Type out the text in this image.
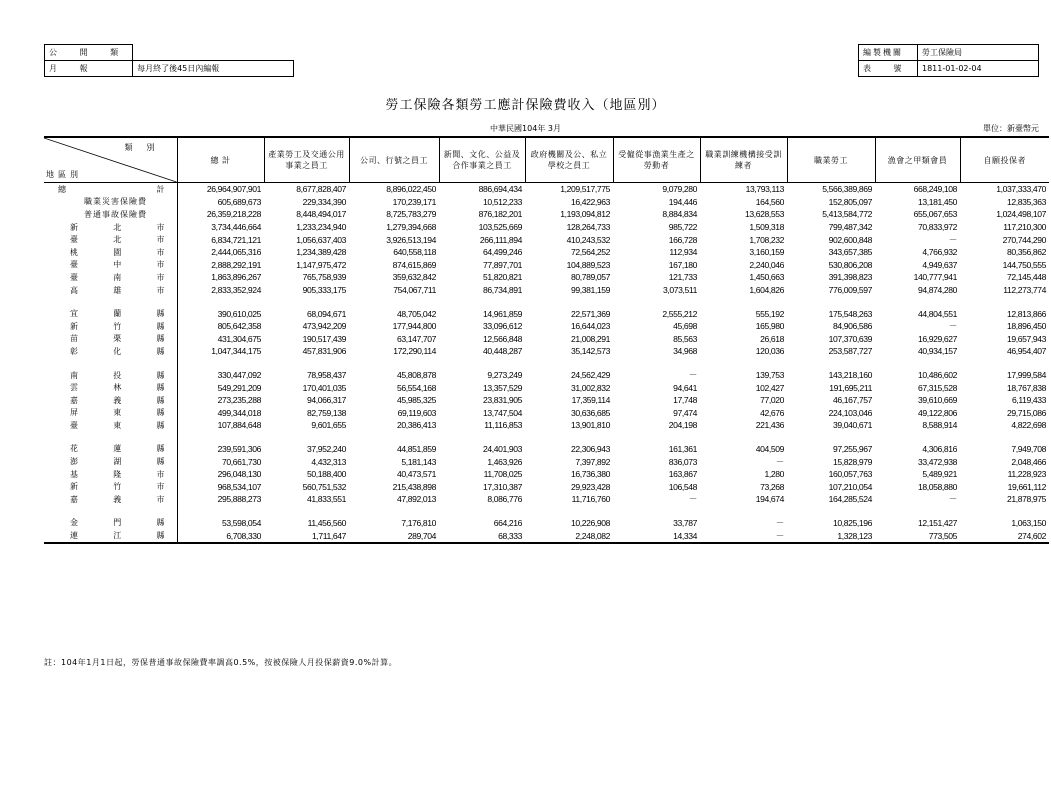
公 開 類	
月 報	每月終了後45日內編報
編製機關	勞工保險局
表 號	1811-01-02-04
勞工保險各類勞工應計保險費收入（地區別）
中華民國104年 3月	單位：新臺幣元
類別
地區別	總 計	產業勞工及交通公用事業之員工	公司、行號之員工	新聞、文化、公益及合作事業之員工	政府機關及公、私立學校之員工	受僱從事漁業生產之勞動者	職業訓練機構接受訓練者	職業勞工	漁會之甲類會員	自願投保者

總計	26,964,907,901	8,677,828,407	8,896,022,450	886,694,434	1,209,517,775	9,079,280	13,793,113	5,566,389,869	668,249,108	1,037,333,470

職業災害保險費	605,689,673	229,334,390	170,239,171	10,512,233	16,422,963	194,446	164,560	152,805,097	13,181,450	12,835,363

普通事故保險費	26,359,218,228	8,448,494,017	8,725,783,279	876,182,201	1,193,094,812	8,884,834	13,628,553	5,413,584,772	655,067,653	1,024,498,107

新北市	3,734,446,664	1,233,234,940	1,279,394,668	103,525,669	128,264,733	985,722	1,509,318	799,487,342	70,833,972	117,210,300

臺北市	6,834,721,121	1,056,637,403	3,926,513,194	266,111,894	410,243,532	166,728	1,708,232	902,600,848	－	270,744,290

桃園市	2,444,065,316	1,234,389,428	640,558,118	64,499,246	72,564,252	112,934	3,160,159	343,657,385	4,766,932	80,356,862

臺中市	2,888,292,191	1,147,975,472	874,615,869	77,897,701	104,889,523	167,180	2,240,046	530,806,208	4,949,637	144,750,555

臺南市	1,863,896,267	765,758,939	359,632,842	51,820,821	80,789,057	121,733	1,450,663	391,398,823	140,777,941	72,145,448

高雄市	2,833,352,924	905,333,175	754,067,711	86,734,891	99,381,159	3,073,511	1,604,826	776,009,597	94,874,280	112,273,774

宜蘭縣	390,610,025	68,094,671	48,705,042	14,961,859	22,571,369	2,555,212	555,192	175,548,263	44,804,551	12,813,866

新竹縣	805,642,358	473,942,209	177,944,800	33,096,612	16,644,023	45,698	165,980	84,906,586	－	18,896,450

苗栗縣	431,304,675	190,517,439	63,147,707	12,566,848	21,008,291	85,563	26,618	107,370,639	16,929,627	19,657,943

彰化縣	1,047,344,175	457,831,906	172,290,114	40,448,287	35,142,573	34,968	120,036	253,587,727	40,934,157	46,954,407

南投縣	330,447,092	78,958,437	45,808,878	9,273,249	24,562,429	－	139,753	143,218,160	10,486,602	17,999,584

雲林縣	549,291,209	170,401,035	56,554,168	13,357,529	31,002,832	94,641	102,427	191,695,211	67,315,528	18,767,838

嘉義縣	273,235,288	94,066,317	45,985,325	23,831,905	17,359,114	17,748	77,020	46,167,757	39,610,669	6,119,433

屏東縣	499,344,018	82,759,138	69,119,603	13,747,504	30,636,685	97,474	42,676	224,103,046	49,122,806	29,715,086

臺東縣	107,884,648	9,601,655	20,386,413	11,116,853	13,901,810	204,198	221,436	39,040,671	8,588,914	4,822,698

花蓮縣	239,591,306	37,952,240	44,851,859	24,401,903	22,306,943	161,361	404,509	97,255,967	4,306,816	7,949,708

澎湖縣	70,661,730	4,432,313	5,181,143	1,463,926	7,397,892	836,073	－	15,828,979	33,472,938	2,048,466

基隆市	296,048,130	50,188,400	40,473,571	11,708,025	16,736,380	163,867	1,280	160,057,763	5,489,921	11,228,923

新竹市	968,534,107	560,751,532	215,438,898	17,310,387	29,923,428	106,548	73,268	107,210,054	18,058,880	19,661,112

嘉義市	295,888,273	41,833,551	47,892,013	8,086,776	11,716,760	－	194,674	164,285,524	－	21,878,975

金門縣	53,598,054	11,456,560	7,176,810	664,216	10,226,908	33,787	－	10,825,196	12,151,427	1,063,150

連江縣	6,708,330	1,711,647	289,704	68,333	2,248,082	14,334	－	1,328,123	773,505	274,602
註：104年1月1日起，勞保普通事故保險費率調高0.5%，按被保險人月投保薪資9.0%計算。
